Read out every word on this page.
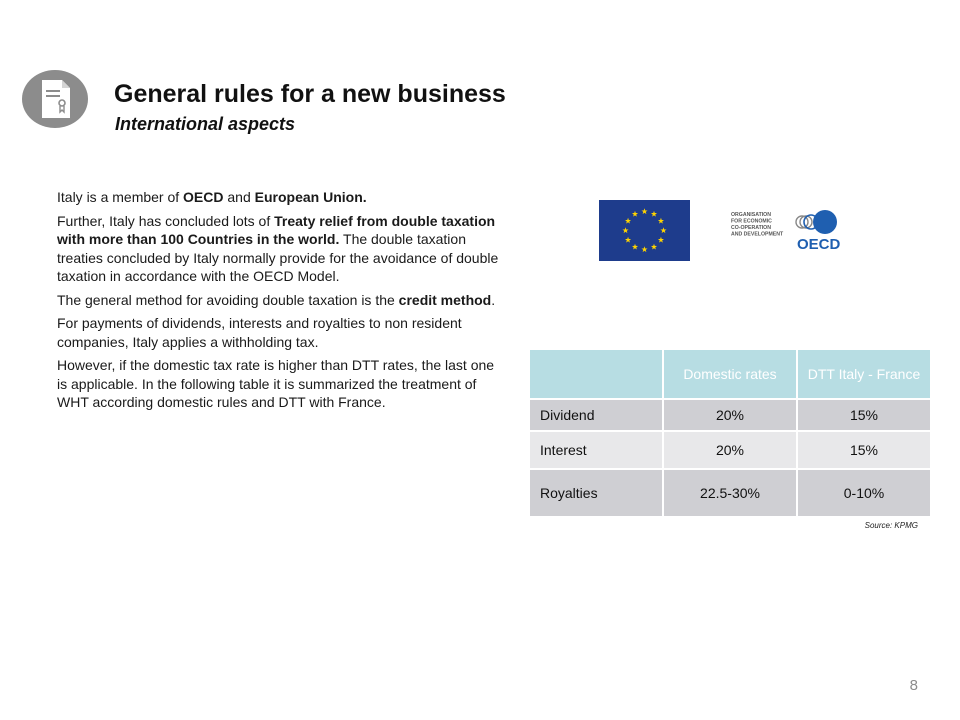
General rules for a new business
International aspects

Italy is a member of OECD and European Union.

Further, Italy has concluded lots of Treaty relief from double taxation with more than 100 Countries in the world. The double taxation treaties concluded by Italy normally provide for the avoidance of double taxation in accordance with the OECD Model.

The general method for avoiding double taxation is the credit method.

For payments of dividends, interests and royalties to non resident companies, Italy applies a withholding tax.

However, if the domestic tax rate is higher than DTT rates, the last one is applicable. In the following table it is summarized the treatment of WHT according domestic rules and DTT with France.

ORGANISATION
FOR ECONOMIC
CO-OPERATION
AND DEVELOPMENT
OECD
	Domestic rates	DTT Italy - France
Dividend	20%	15%
Interest	20%	15%
Royalties	22.5-30%	0-10%
Source: KPMG
8
